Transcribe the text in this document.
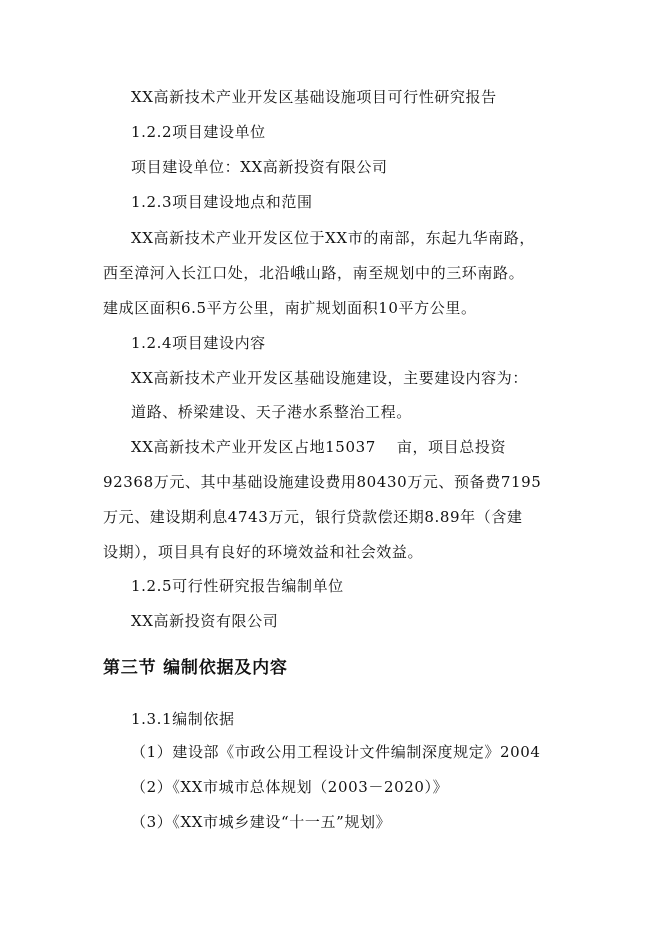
XX高新技术产业开发区基础设施项目可行性研究报告
1.2.2项目建设单位
项目建设单位：XX高新投资有限公司
1.2.3项目建设地点和范围
XX高新技术产业开发区位于XX市的南部，东起九华南路，
西至漳河入长江口处，北沿峨山路，南至规划中的三环南路。
建成区面积6.5平方公里，南扩规划面积10平方公里。
1.2.4项目建设内容
XX高新技术产业开发区基础设施建设，主要建设内容为：
道路、桥梁建设、天子港水系整治工程。
XX高新技术产业开发区占地15037　 亩，项目总投资
92368万元、其中基础设施建设费用80430万元、预备费7195
万元、建设期利息4743万元，银行贷款偿还期8.89年（含建
设期），项目具有良好的环境效益和社会效益。
1.2.5可行性研究报告编制单位
XX高新投资有限公司
第三节 编制依据及内容
1.3.1编制依据
（1）建设部《市政公用工程设计文件编制深度规定》2004
（2）《XX市城市总体规划（2003－2020）》
（3）《XX市城乡建设“十一五”规划》
